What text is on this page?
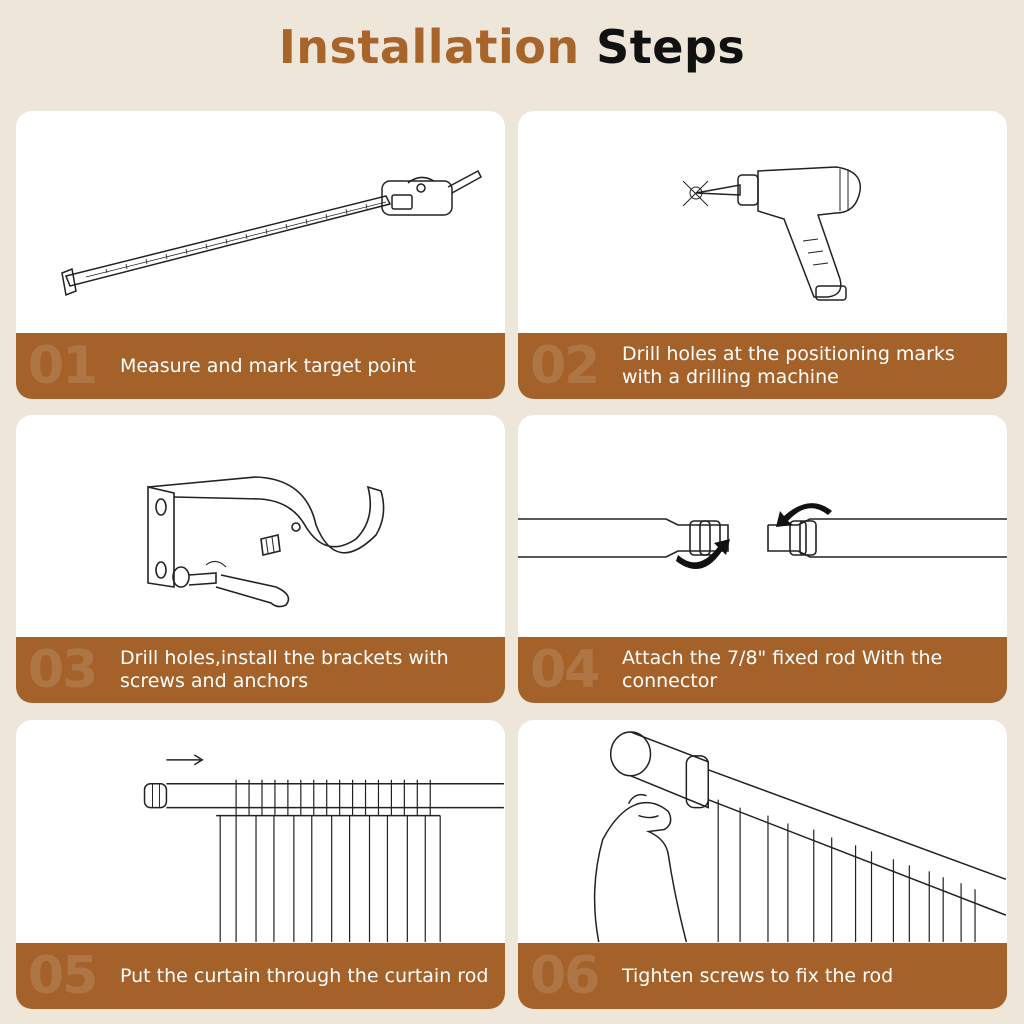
Installation Steps
01 Measure and mark target point	02 Drill holes at the positioning marks with a drilling machine
03 Drill holes,install the brackets with screws and anchors	04 Attach the 7/8" fixed rod With the connector
05 Put the curtain through the curtain rod 06 Tighten screws to fix the rod
